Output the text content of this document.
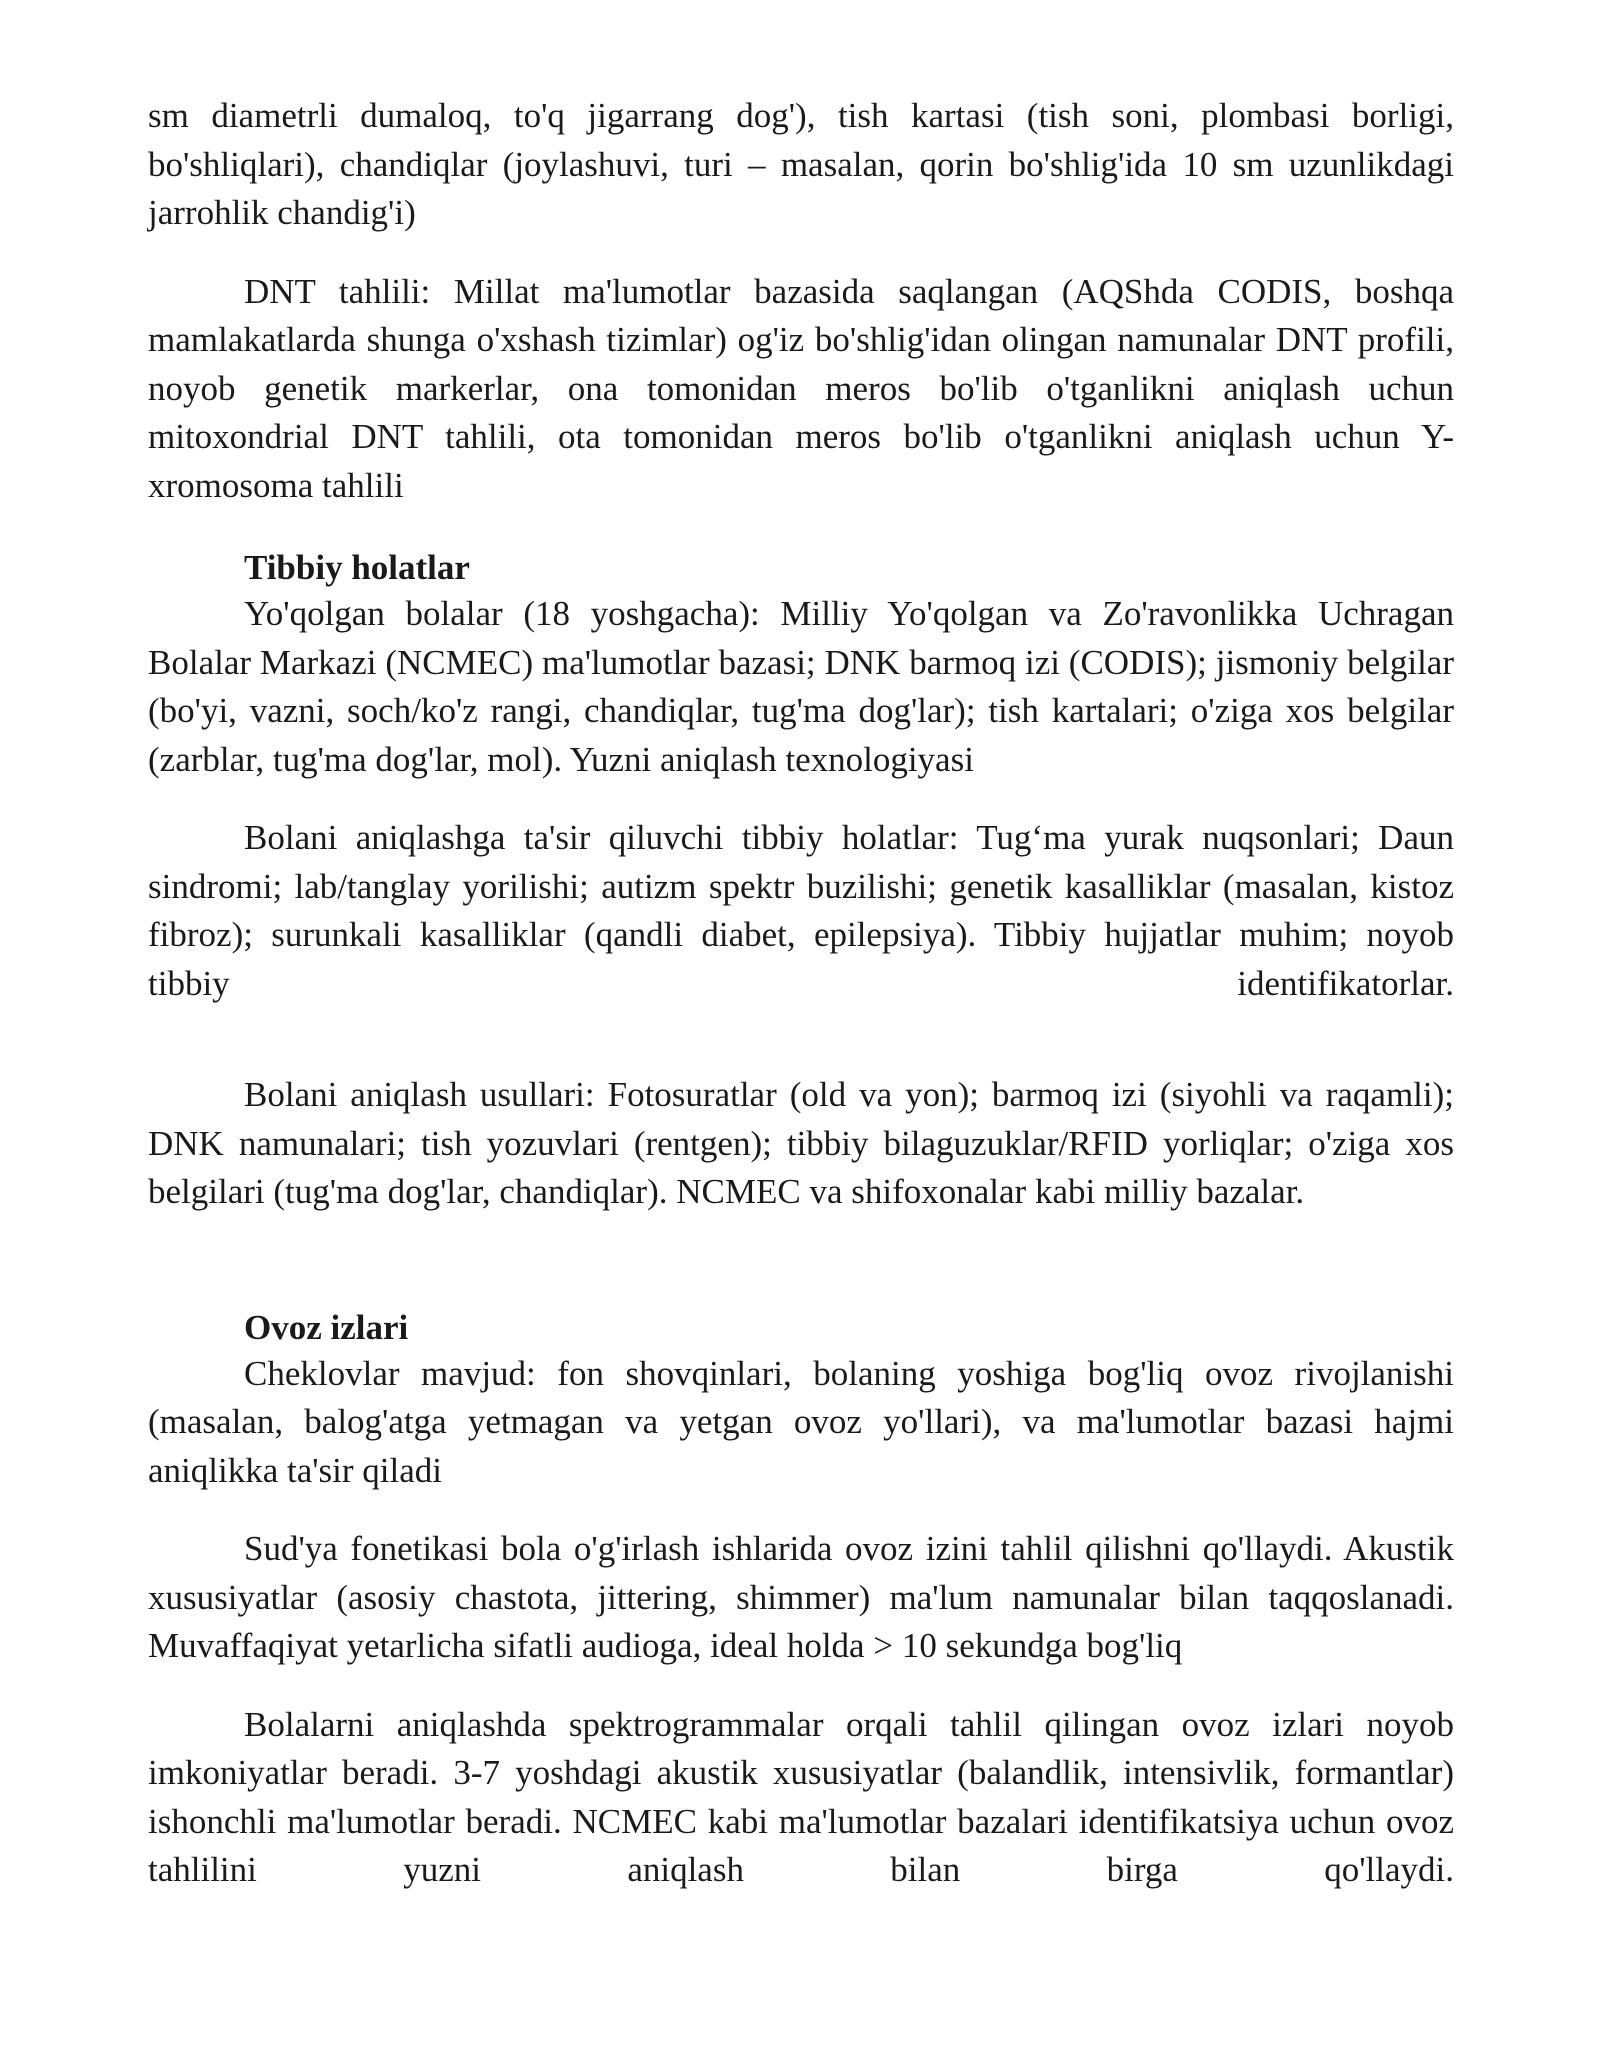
sm diametrli dumaloq, to'q jigarrang dog'), tish kartasi (tish soni, plombasi borligi, bo'shliqlari), chandiqlar (joylashuvi, turi – masalan, qorin bo'shlig'ida 10 sm uzunlikdagi jarrohlik chandig'i)

DNT tahlili: Millat ma'lumotlar bazasida saqlangan (AQShda CODIS, boshqa mamlakatlarda shunga o'xshash tizimlar) og'iz bo'shlig'idan olingan namunalar DNT profili, noyob genetik markerlar, ona tomonidan meros bo'lib o'tganlikni aniqlash uchun mitoxondrial DNT tahlili, ota tomonidan meros bo'lib o'tganlikni aniqlash uchun Y-xromosoma tahlili

Tibbiy holatlar

Yo'qolgan bolalar (18 yoshgacha): Milliy Yo'qolgan va Zo'ravonlikka Uchragan Bolalar Markazi (NCMEC) ma'lumotlar bazasi; DNK barmoq izi (CODIS); jismoniy belgilar (bo'yi, vazni, soch/ko'z rangi, chandiqlar, tug'ma dog'lar); tish kartalari; o'ziga xos belgilar (zarblar, tug'ma dog'lar, mol). Yuzni aniqlash texnologiyasi

Bolani aniqlashga ta'sir qiluvchi tibbiy holatlar: Tug‘ma yurak nuqsonlari; Daun sindromi; lab/tanglay yorilishi; autizm spektr buzilishi; genetik kasalliklar (masalan, kistoz fibroz); surunkali kasalliklar (qandli diabet, epilepsiya). Tibbiy hujjatlar muhim; noyob tibbiy identifikatorlar.

Bolani aniqlash usullari: Fotosuratlar (old va yon); barmoq izi (siyohli va raqamli); DNK namunalari; tish yozuvlari (rentgen); tibbiy bilaguzuklar/RFID yorliqlar; o'ziga xos belgilari (tug'ma dog'lar, chandiqlar). NCMEC va shifoxonalar kabi milliy bazalar.

Ovoz izlari

Cheklovlar mavjud: fon shovqinlari, bolaning yoshiga bog'liq ovoz rivojlanishi (masalan, balog'atga yetmagan va yetgan ovoz yo'llari), va ma'lumotlar bazasi hajmi aniqlikka ta'sir qiladi

Sud'ya fonetikasi bola o'g'irlash ishlarida ovoz izini tahlil qilishni qo'llaydi. Akustik xususiyatlar (asosiy chastota, jittering, shimmer) ma'lum namunalar bilan taqqoslanadi. Muvaffaqiyat yetarlicha sifatli audioga, ideal holda > 10 sekundga bog'liq

Bolalarni aniqlashda spektrogrammalar orqali tahlil qilingan ovoz izlari noyob imkoniyatlar beradi. 3-7 yoshdagi akustik xususiyatlar (balandlik, intensivlik, formantlar) ishonchli ma'lumotlar beradi. NCMEC kabi ma'lumotlar bazalari identifikatsiya uchun ovoz tahlilini yuzni aniqlash bilan birga qo'llaydi.
